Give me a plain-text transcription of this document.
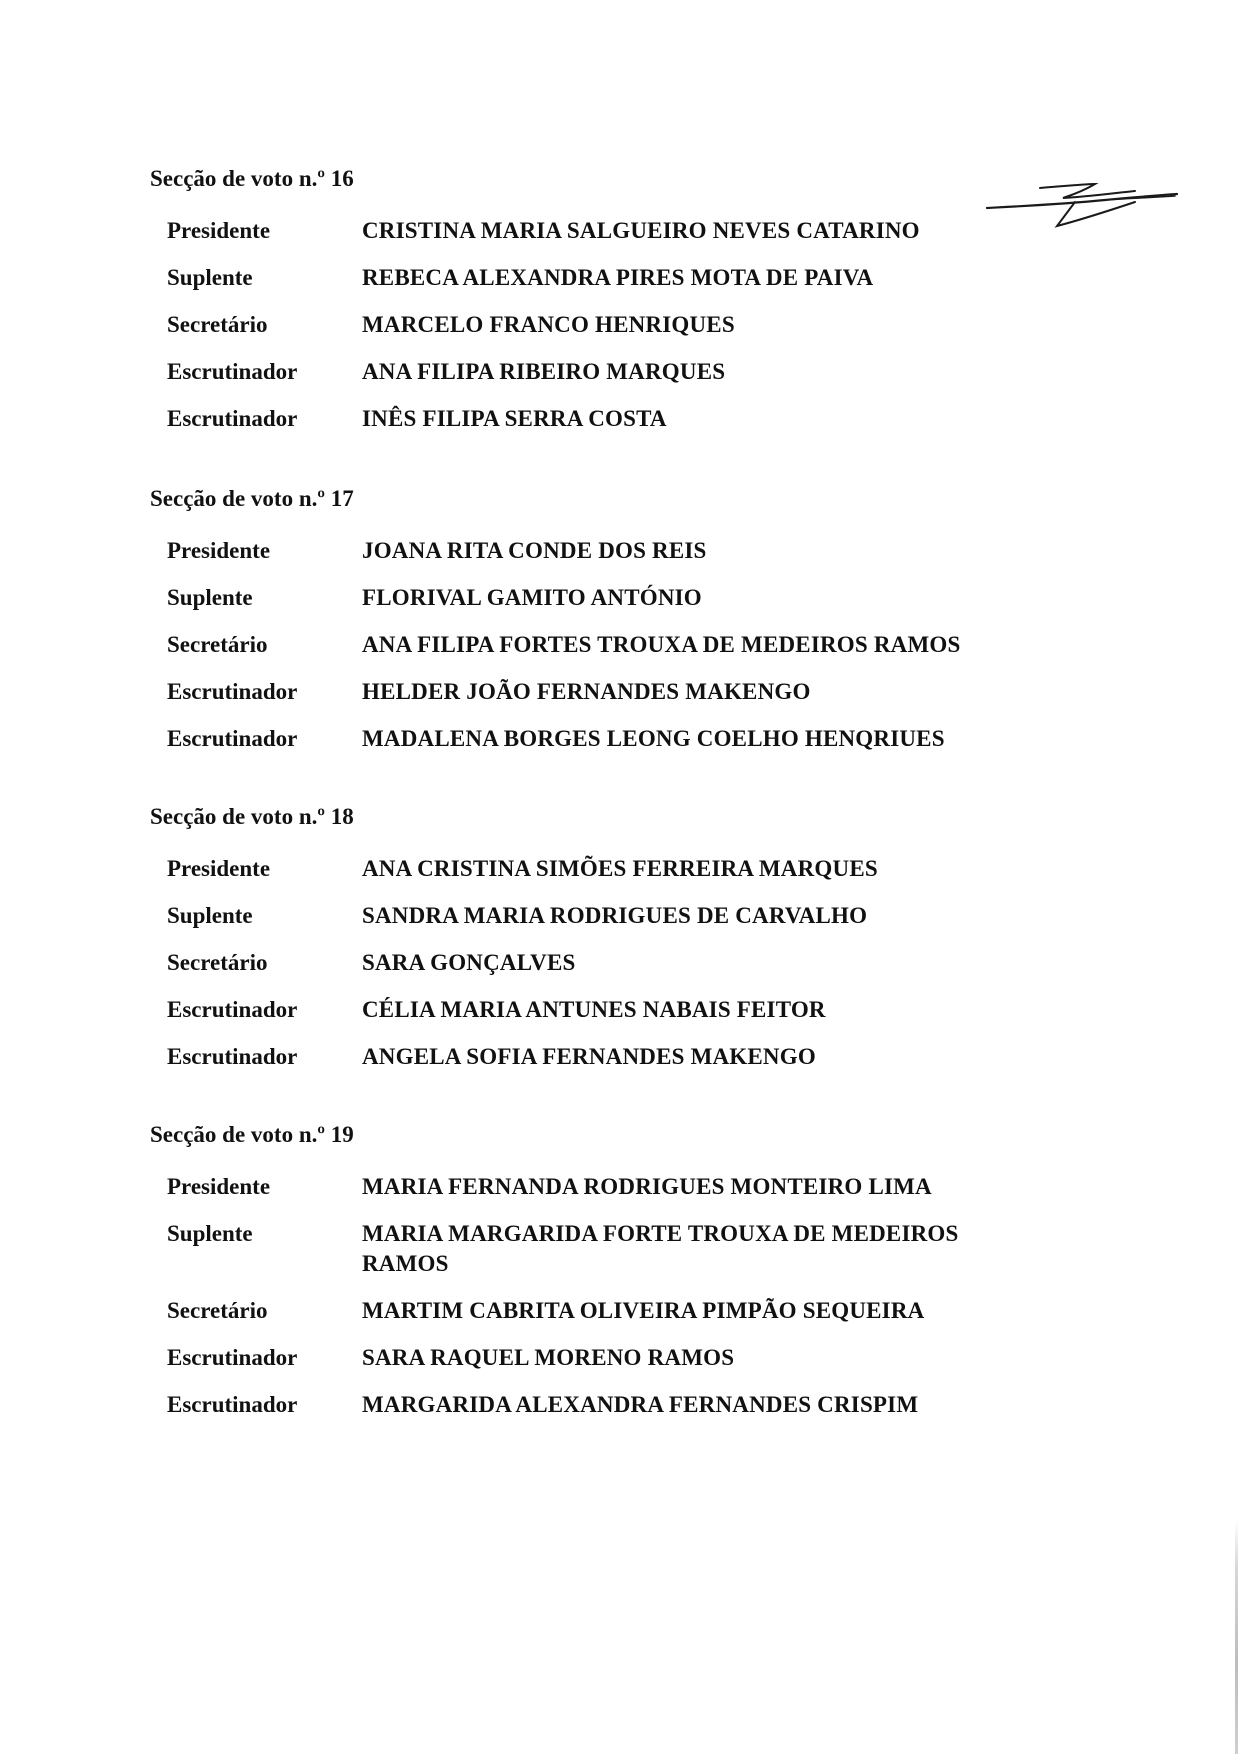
Secção de voto n.º 16
Presidente	CRISTINA MARIA SALGUEIRO NEVES CATARINO
Suplente	REBECA ALEXANDRA PIRES MOTA DE PAIVA
Secretário	MARCELO FRANCO HENRIQUES
Escrutinador	ANA FILIPA RIBEIRO MARQUES
Escrutinador	INÊS FILIPA SERRA COSTA
Secção de voto n.º 17
Presidente	JOANA RITA CONDE DOS REIS
Suplente	FLORIVAL GAMITO ANTÓNIO
Secretário	ANA FILIPA FORTES TROUXA DE MEDEIROS RAMOS
Escrutinador	HELDER JOÃO FERNANDES MAKENGO
Escrutinador	MADALENA BORGES LEONG COELHO HENQRIUES
Secção de voto n.º 18
Presidente	ANA CRISTINA SIMÕES FERREIRA MARQUES
Suplente	SANDRA MARIA RODRIGUES DE CARVALHO
Secretário	SARA GONÇALVES
Escrutinador	CÉLIA MARIA ANTUNES NABAIS FEITOR
Escrutinador	ANGELA SOFIA FERNANDES MAKENGO
Secção de voto n.º 19
Presidente	MARIA FERNANDA RODRIGUES MONTEIRO LIMA
Suplente	MARIA MARGARIDA FORTE TROUXA DE MEDEIROS RAMOS
Secretário	MARTIM CABRITA OLIVEIRA PIMPÃO SEQUEIRA
Escrutinador	SARA RAQUEL MORENO RAMOS
Escrutinador	MARGARIDA ALEXANDRA FERNANDES CRISPIM
